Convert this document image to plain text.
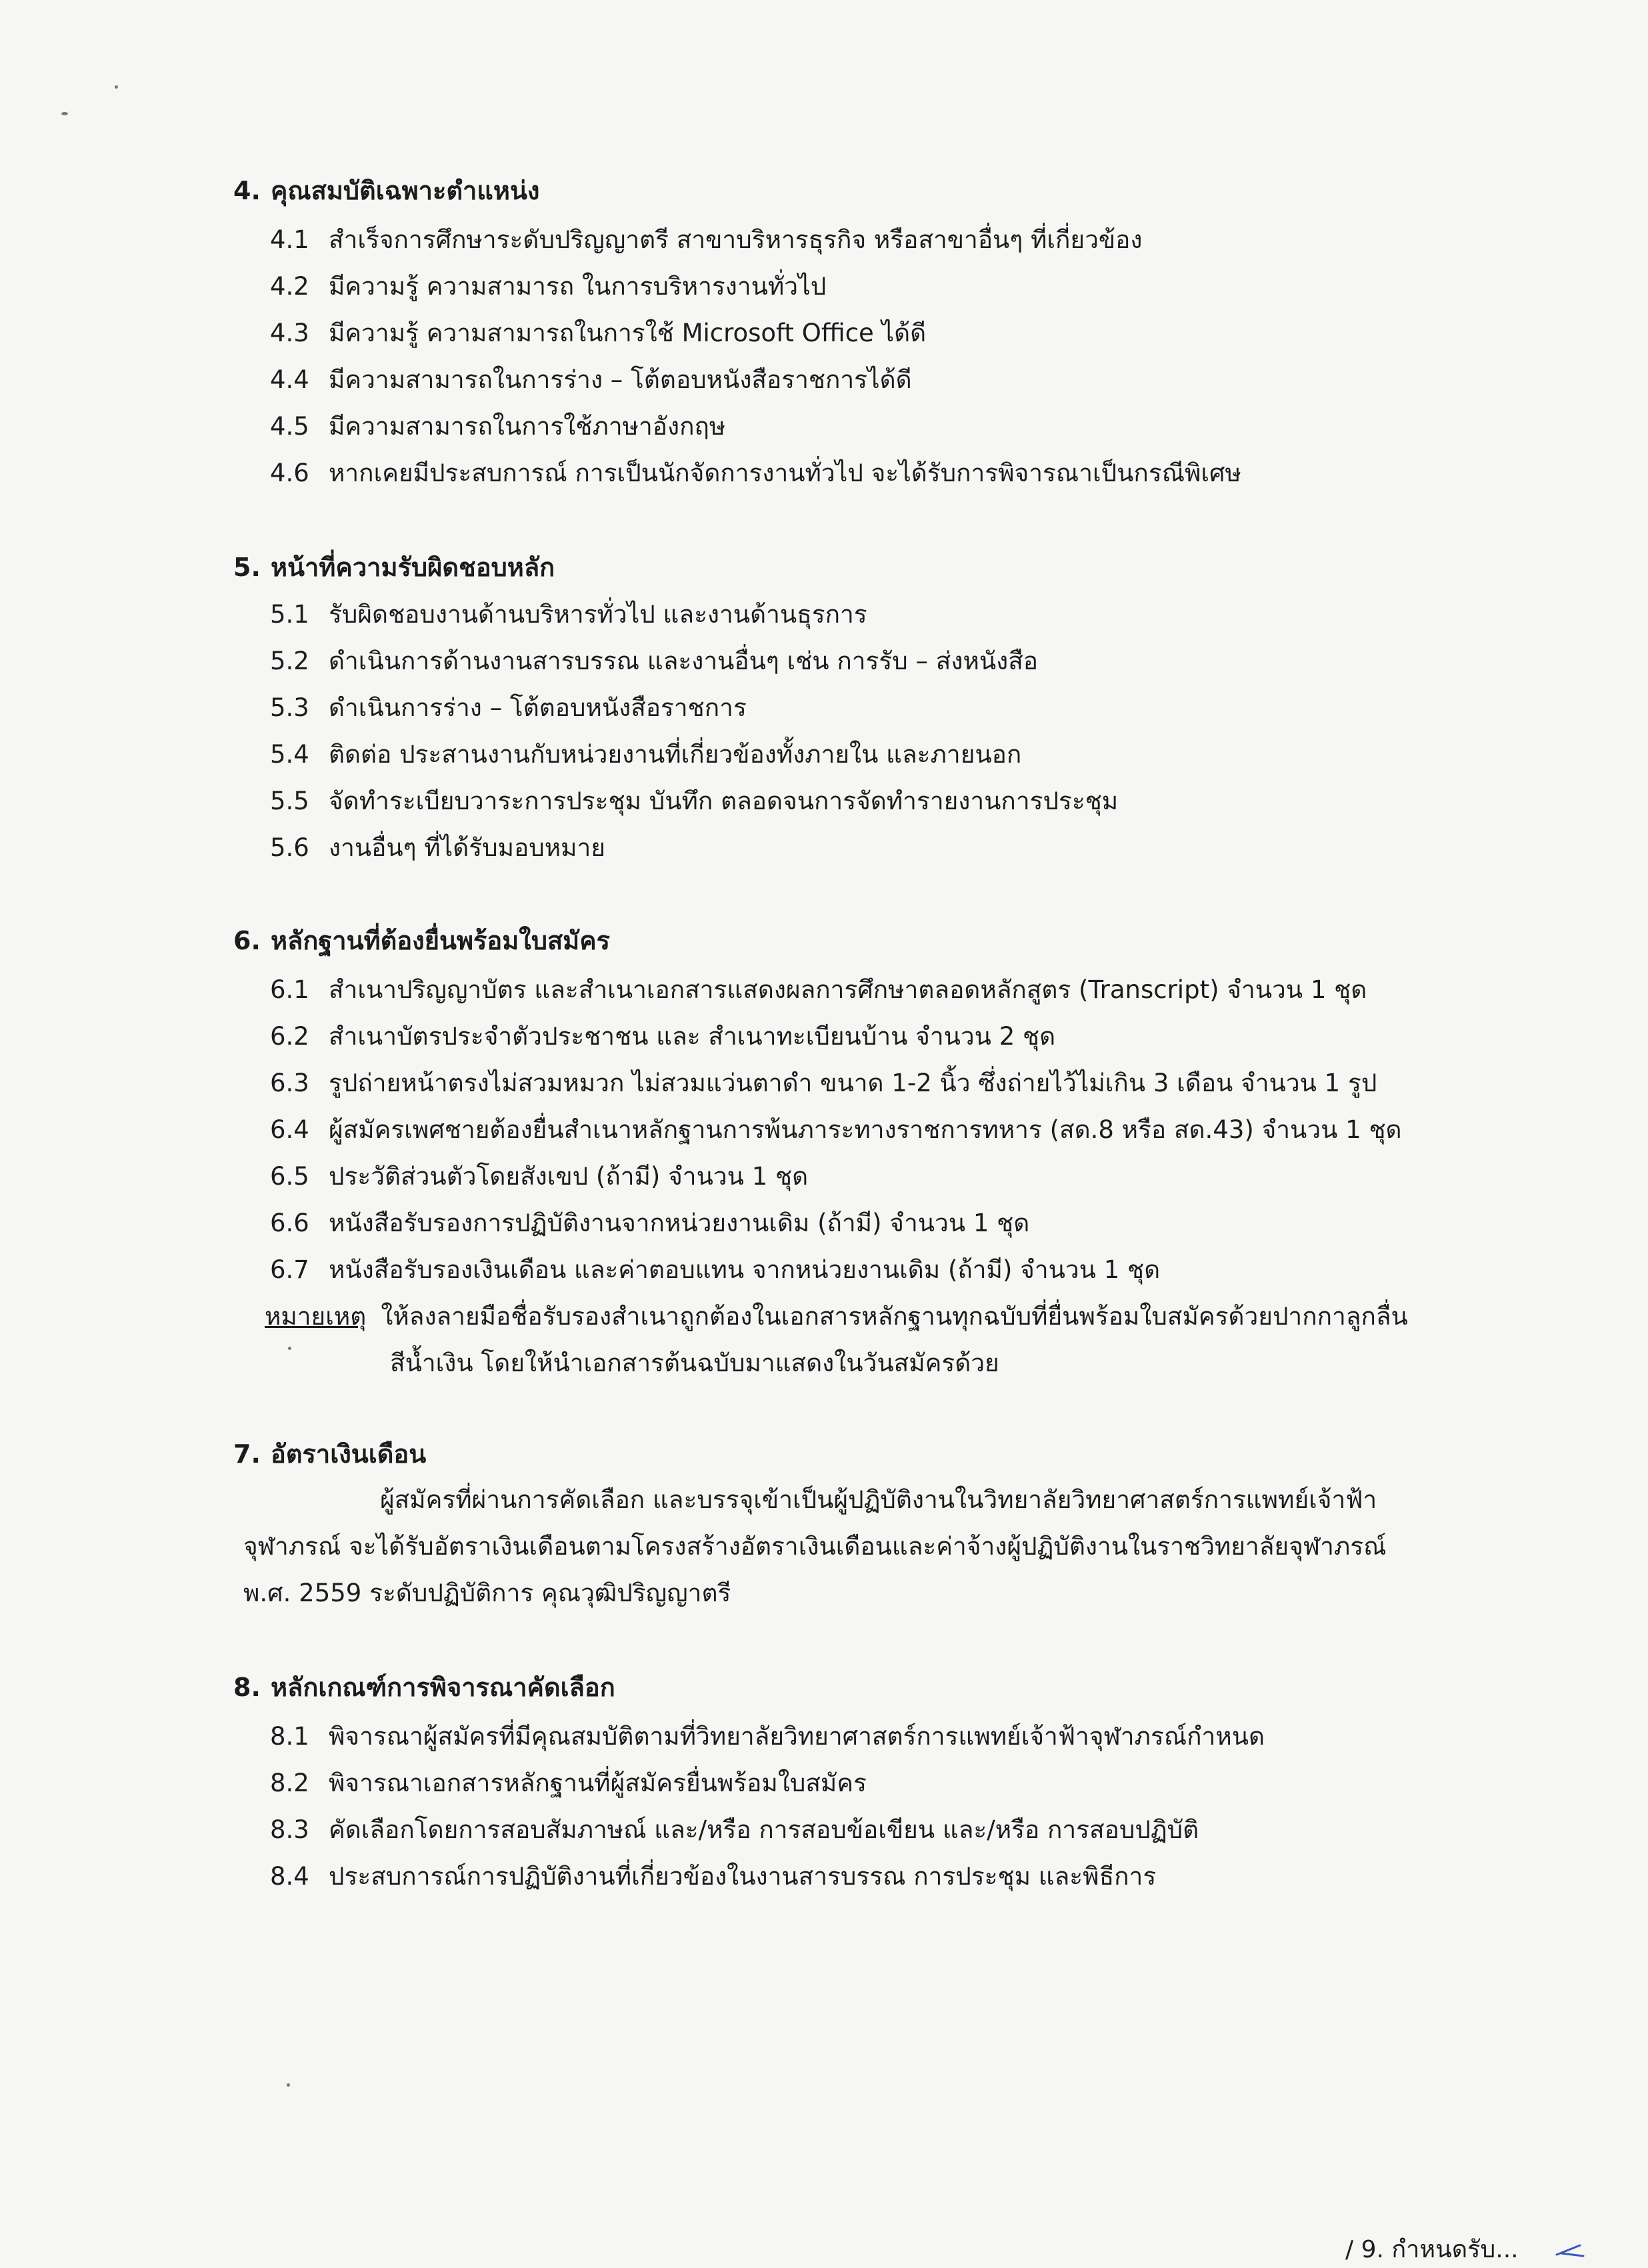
4. คุณสมบัติเฉพาะตำแหน่ง
4.1 สำเร็จการศึกษาระดับปริญญาตรี สาขาบริหารธุรกิจ หรือสาขาอื่นๆ ที่เกี่ยวข้อง
4.2 มีความรู้ ความสามารถ ในการบริหารงานทั่วไป
4.3 มีความรู้ ความสามารถในการใช้ Microsoft Office ได้ดี
4.4 มีความสามารถในการร่าง – โต้ตอบหนังสือราชการได้ดี
4.5 มีความสามารถในการใช้ภาษาอังกฤษ
4.6 หากเคยมีประสบการณ์ การเป็นนักจัดการงานทั่วไป จะได้รับการพิจารณาเป็นกรณีพิเศษ
5. หน้าที่ความรับผิดชอบหลัก
5.1 รับผิดชอบงานด้านบริหารทั่วไป และงานด้านธุรการ
5.2 ดำเนินการด้านงานสารบรรณ และงานอื่นๆ เช่น การรับ – ส่งหนังสือ
5.3 ดำเนินการร่าง – โต้ตอบหนังสือราชการ
5.4 ติดต่อ ประสานงานกับหน่วยงานที่เกี่ยวข้องทั้งภายใน และภายนอก
5.5 จัดทำระเบียบวาระการประชุม บันทึก ตลอดจนการจัดทำรายงานการประชุม
5.6 งานอื่นๆ ที่ได้รับมอบหมาย
6. หลักฐานที่ต้องยื่นพร้อมใบสมัคร
6.1 สำเนาปริญญาบัตร และสำเนาเอกสารแสดงผลการศึกษาตลอดหลักสูตร (Transcript) จำนวน 1 ชุด
6.2 สำเนาบัตรประจำตัวประชาชน และ สำเนาทะเบียนบ้าน จำนวน 2 ชุด
6.3 รูปถ่ายหน้าตรงไม่สวมหมวก ไม่สวมแว่นตาดำ ขนาด 1-2 นิ้ว ซึ่งถ่ายไว้ไม่เกิน 3 เดือน จำนวน 1 รูป
6.4 ผู้สมัครเพศชายต้องยื่นสำเนาหลักฐานการพ้นภาระทางราชการทหาร (สด.8 หรือ สด.43) จำนวน 1 ชุด
6.5 ประวัติส่วนตัวโดยสังเขป (ถ้ามี) จำนวน 1 ชุด
6.6 หนังสือรับรองการปฏิบัติงานจากหน่วยงานเดิม (ถ้ามี) จำนวน 1 ชุด
6.7 หนังสือรับรองเงินเดือน และค่าตอบแทน จากหน่วยงานเดิม (ถ้ามี) จำนวน 1 ชุด
หมายเหตุ ให้ลงลายมือชื่อรับรองสำเนาถูกต้องในเอกสารหลักฐานทุกฉบับที่ยื่นพร้อมใบสมัครด้วยปากกาลูกลื่น
สีน้ำเงิน โดยให้นำเอกสารต้นฉบับมาแสดงในวันสมัครด้วย
7. อัตราเงินเดือน
ผู้สมัครที่ผ่านการคัดเลือก และบรรจุเข้าเป็นผู้ปฏิบัติงานในวิทยาลัยวิทยาศาสตร์การแพทย์เจ้าฟ้า
จุฬาภรณ์ จะได้รับอัตราเงินเดือนตามโครงสร้างอัตราเงินเดือนและค่าจ้างผู้ปฏิบัติงานในราชวิทยาลัยจุฬาภรณ์
พ.ศ. 2559 ระดับปฏิบัติการ คุณวุฒิปริญญาตรี
8. หลักเกณฑ์การพิจารณาคัดเลือก
8.1 พิจารณาผู้สมัครที่มีคุณสมบัติตามที่วิทยาลัยวิทยาศาสตร์การแพทย์เจ้าฟ้าจุฬาภรณ์กำหนด
8.2 พิจารณาเอกสารหลักฐานที่ผู้สมัครยื่นพร้อมใบสมัคร
8.3 คัดเลือกโดยการสอบสัมภาษณ์ และ/หรือ การสอบข้อเขียน และ/หรือ การสอบปฏิบัติ
8.4 ประสบการณ์การปฏิบัติงานที่เกี่ยวข้องในงานสารบรรณ การประชุม และพิธีการ
/ 9. กำหนดรับ...
